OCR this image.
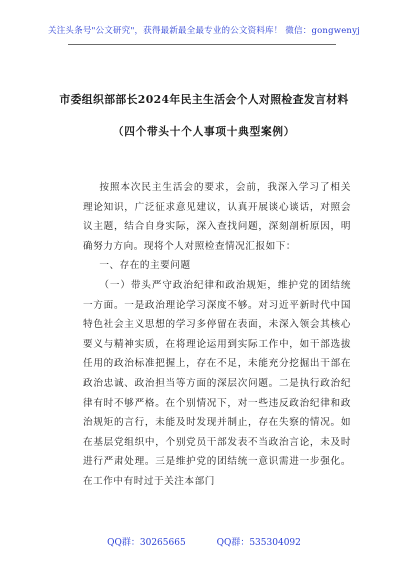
关注头条号"公文研究"，获得最新最全最专业的公文资料库！ 微信：gongwenyj
市委组织部部长2024年民主生活会个人对照检查发言材料
（四个带头十个人事项十典型案例）

按照本次民主生活会的要求，会前，我深入学习了相关理论知识，广泛征求意见建议，认真开展谈心谈话，对照会议主题，结合自身实际，深入查找问题，深刻剖析原因，明确努力方向。现将个人对照检查情况汇报如下：

一、存在的主要问题

（一）带头严守政治纪律和政治规矩，维护党的团结统一方面。一是政治理论学习深度不够。对习近平新时代中国特色社会主义思想的学习多停留在表面，未深入领会其核心要义与精神实质，在将理论运用到实际工作中，如干部选拔任用的政治标准把握上，存在不足，未能充分挖掘出干部在政治忠诚、政治担当等方面的深层次问题。二是执行政治纪律有时不够严格。在个别情况下，对一些违反政治纪律和政治规矩的言行，未能及时发现并制止，存在失察的情况。如在基层党组织中，个别党员干部发表不当政治言论，未及时进行严肃处理。三是维护党的团结统一意识需进一步强化。在工作中有时过于关注本部门

QQ群：30265665	QQ群：535304092
